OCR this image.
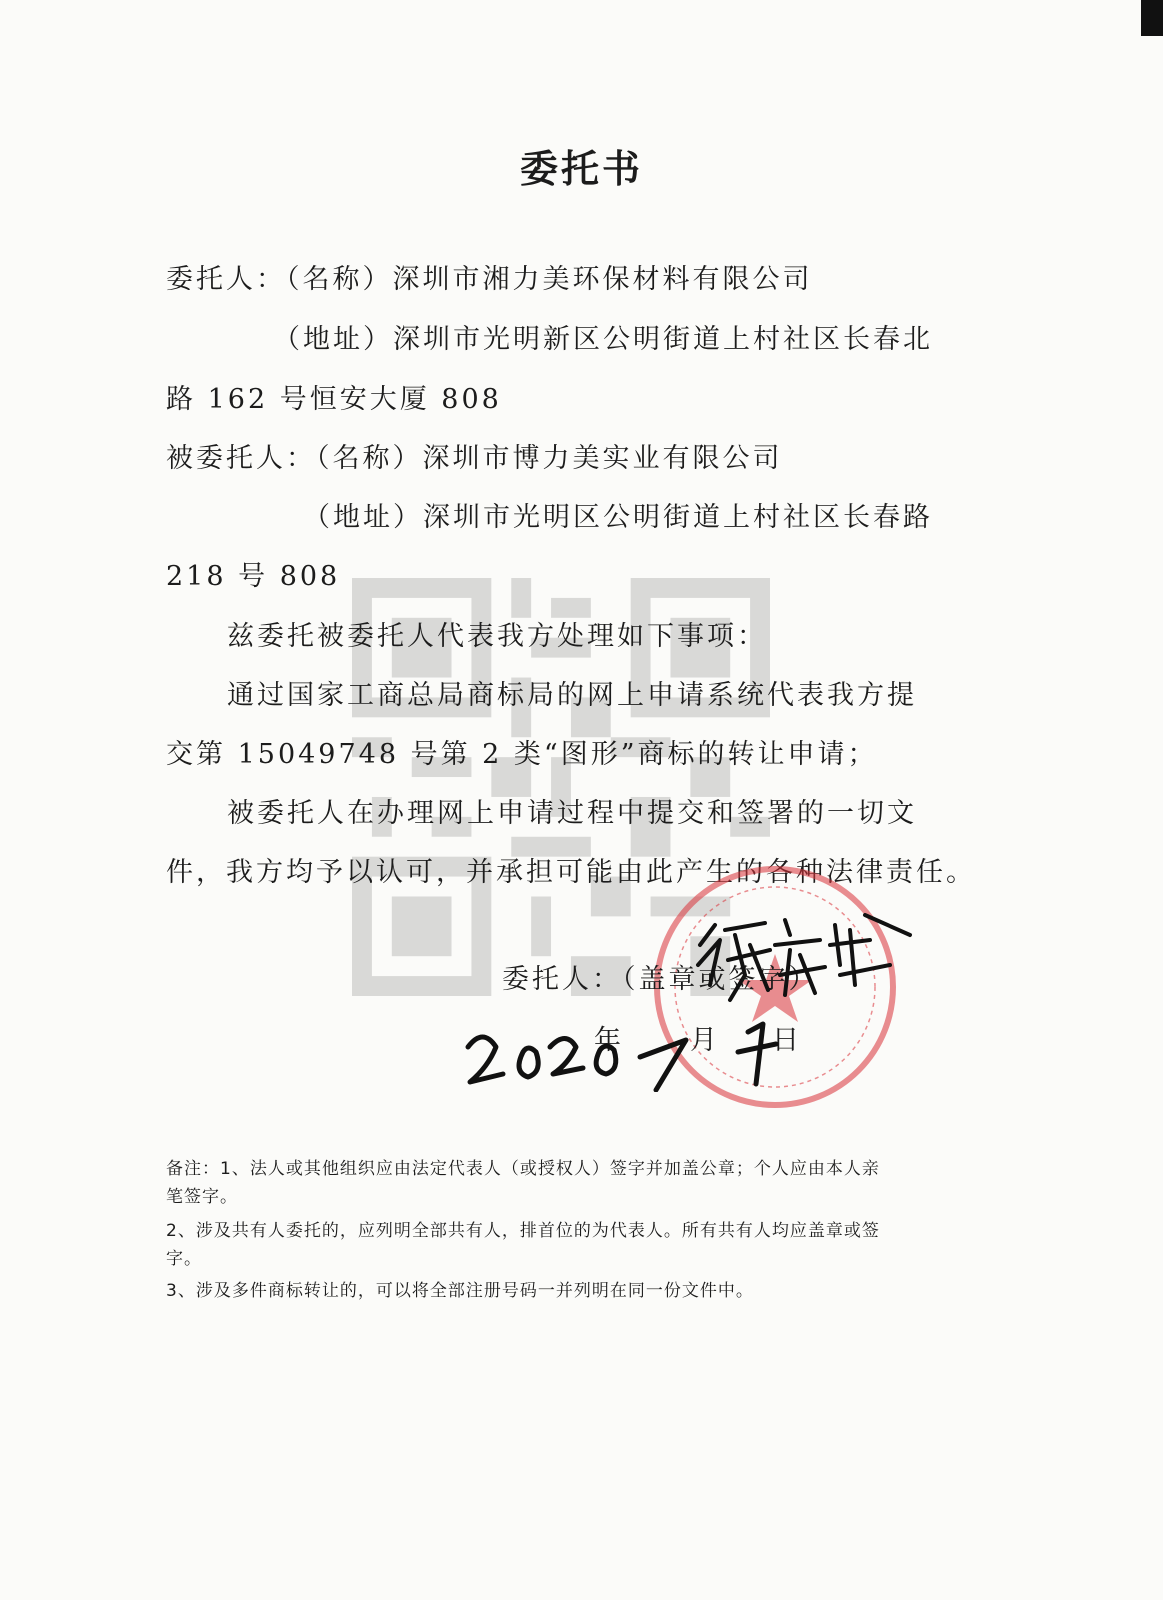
委托书
委托人：（名称）深圳市湘力美环保材料有限公司
（地址）深圳市光明新区公明街道上村社区长春北
路 162 号恒安大厦 808
被委托人：（名称）深圳市博力美实业有限公司
（地址）深圳市光明区公明街道上村社区长春路
218 号 808
兹委托被委托人代表我方处理如下事项：
通过国家工商总局商标局的网上申请系统代表我方提
交第 15049748 号第 2 类“图形”商标的转让申请；
被委托人在办理网上申请过程中提交和签署的一切文
件，我方均予以认可，并承担可能由此产生的各种法律责任。
委托人：（盖章或签字）
年 月 日
备注：1、法人或其他组织应由法定代表人（或授权人）签字并加盖公章；个人应由本人亲
笔签字。
2、涉及共有人委托的，应列明全部共有人，排首位的为代表人。所有共有人均应盖章或签
字。
3、涉及多件商标转让的，可以将全部注册号码一并列明在同一份文件中。
